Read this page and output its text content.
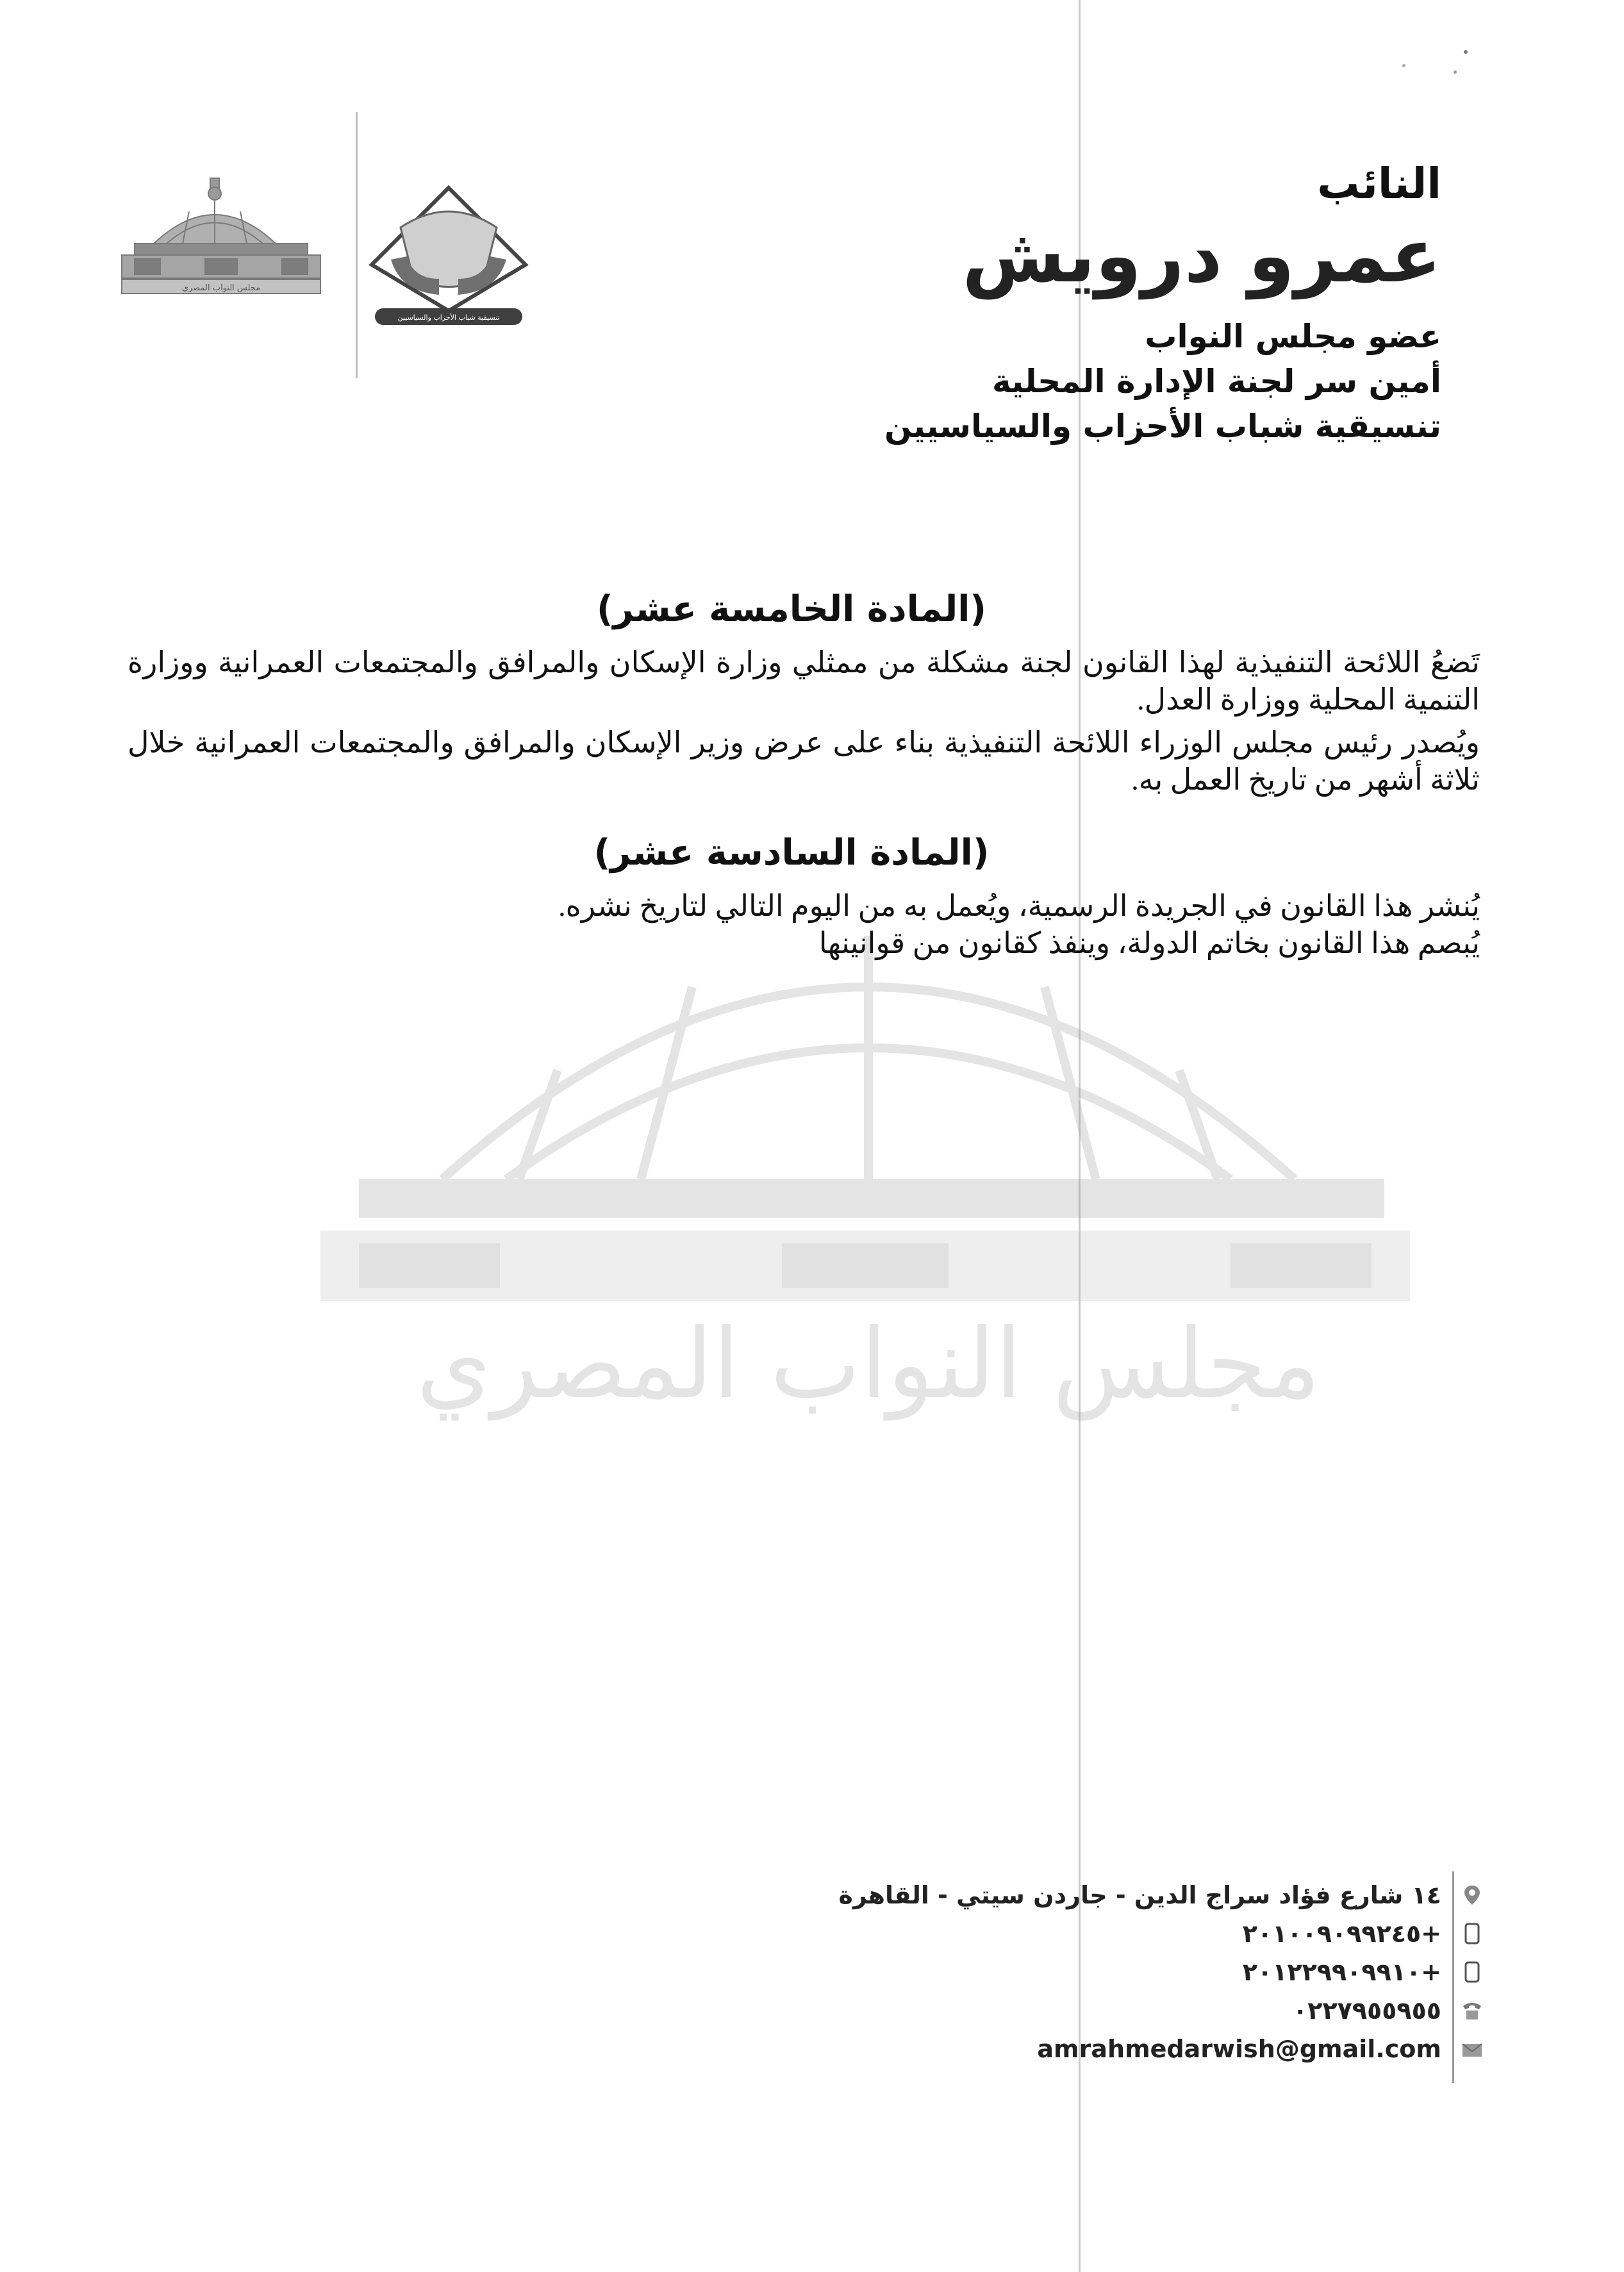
مجلس النواب المصري
تنسيقية شباب الأحزاب والسياسيين
النائب
عمرو درويش
عضو مجلس النواب
أمين سر لجنة الإدارة المحلية
تنسيقية شباب الأحزاب والسياسيين
مجلس النواب المصري
(المادة الخامسة عشر)
تَضعُ اللائحة التنفيذية لهذا القانون لجنة مشكلة من ممثلي وزارة الإسكان والمرافق والمجتمعات العمرانية ووزارة التنمية المحلية ووزارة العدل.
ويُصدر رئيس مجلس الوزراء اللائحة التنفيذية بناء على عرض وزير الإسكان والمرافق والمجتمعات العمرانية خلال ثلاثة أشهر من تاريخ العمل به.
(المادة السادسة عشر)
يُنشر هذا القانون في الجريدة الرسمية، ويُعمل به من اليوم التالي لتاريخ نشره.
يُبصم هذا القانون بخاتم الدولة، وينفذ كقانون من قوانينها
١٤ شارع فؤاد سراج الدين - جاردن سيتي - القاهرة
+٢٠١٠٠٩٠٩٩٢٤٥
+٢٠١٢٢٩٩٠٩٩١٠
٠٢٢٧٩٥٥٩٥٥
amrahmedarwish@gmail.com
